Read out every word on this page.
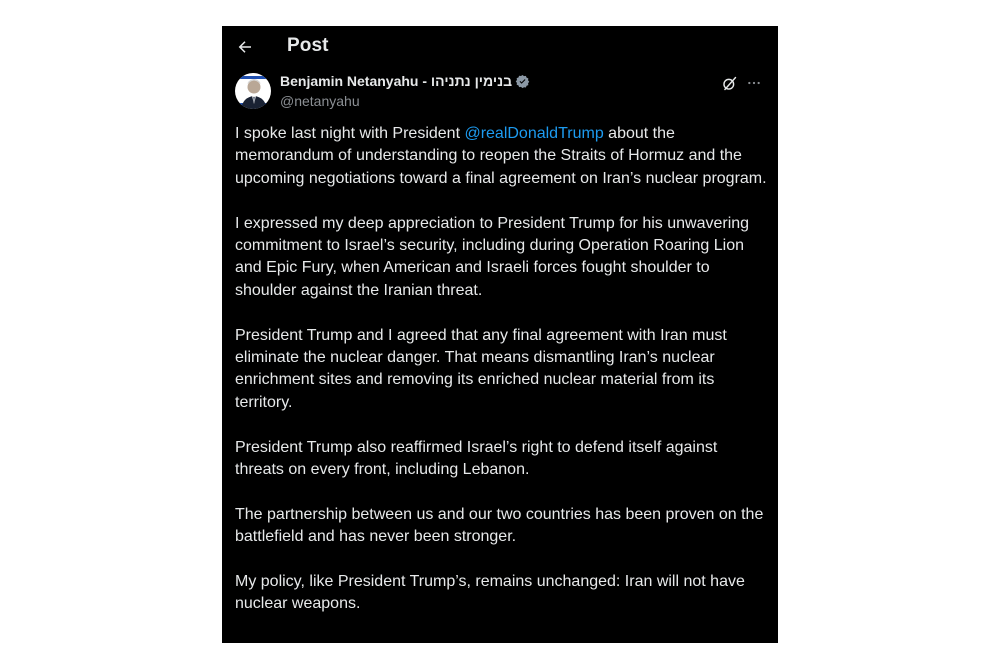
Post
Benjamin Netanyahu - בנימין נתניהו
@netanyahu

I spoke last night with President @realDonaldTrump about the memorandum of understanding to reopen the Straits of Hormuz and the upcoming negotiations toward a final agreement on Iran’s nuclear program.

I expressed my deep appreciation to President Trump for his unwavering commitment to Israel’s security, including during Operation Roaring Lion and Epic Fury, when American and Israeli forces fought shoulder to shoulder against the Iranian threat.

President Trump and I agreed that any final agreement with Iran must eliminate the nuclear danger. That means dismantling Iran’s nuclear enrichment sites and removing its enriched nuclear material from its territory.

President Trump also reaffirmed Israel’s right to defend itself against threats on every front, including Lebanon.

The partnership between us and our two countries has been proven on the battlefield and has never been stronger.

My policy, like President Trump’s, remains unchanged: Iran will not have nuclear weapons.
